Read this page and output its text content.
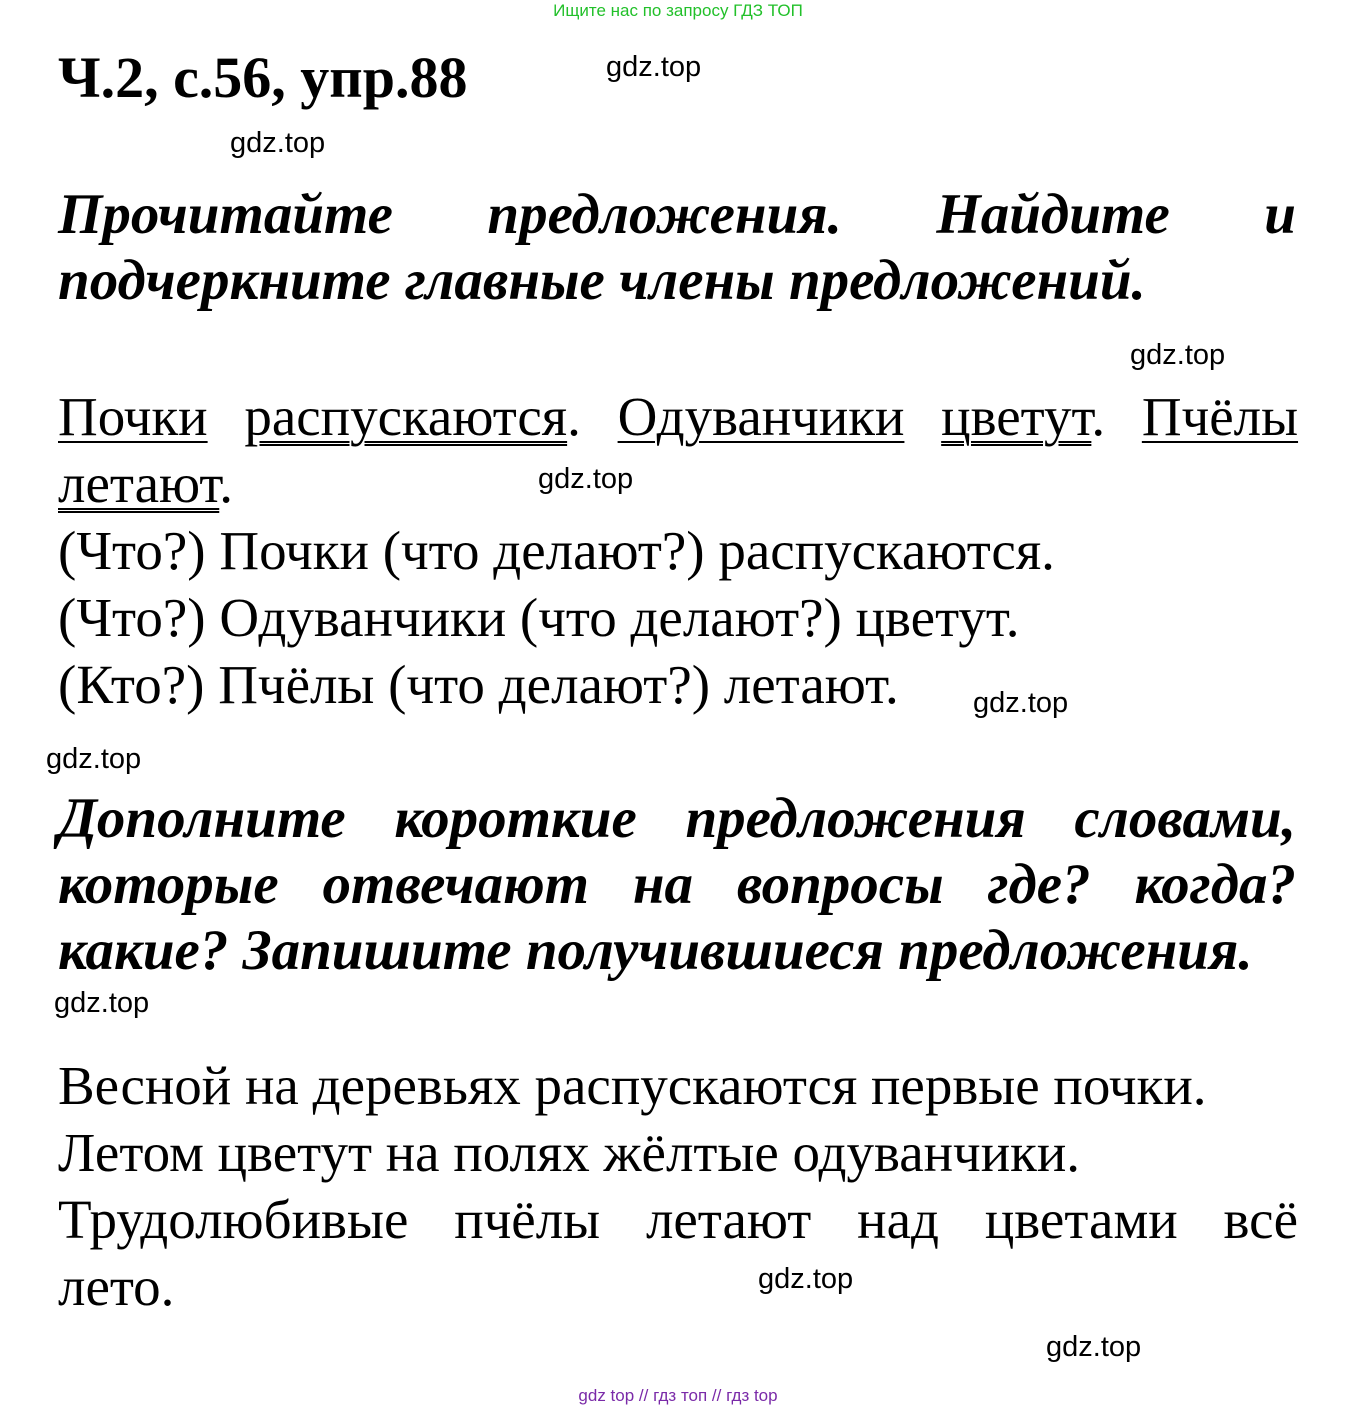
Ищите нас по запросу ГДЗ ТОП
Ч.2, с.56, упр.88	gdz.top
gdz.top
Прочитайте предложения. Найдите и
подчеркните главные члены предложений.
gdz.top
Почки распускаются. Одуванчики цветут. Пчёлы
летают.
(Что?) Почки (что делают?) распускаются.
(Что?) Одуванчики (что делают?) цветут.
(Кто?) Пчёлы (что делают?) летают.
gdz.top
gdz.top
gdz.top
Дополните короткие предложения словами,
которые отвечают на вопросы где? когда?
какие? Запишите получившиеся предложения.
gdz.top
Весной на деревьях распускаются первые почки.
Летом цветут на полях жёлтые одуванчики.
Трудолюбивые пчёлы летают над цветами всё
лето.	gdz.top
gdz.top
gdz top // гдз топ // гдз top
